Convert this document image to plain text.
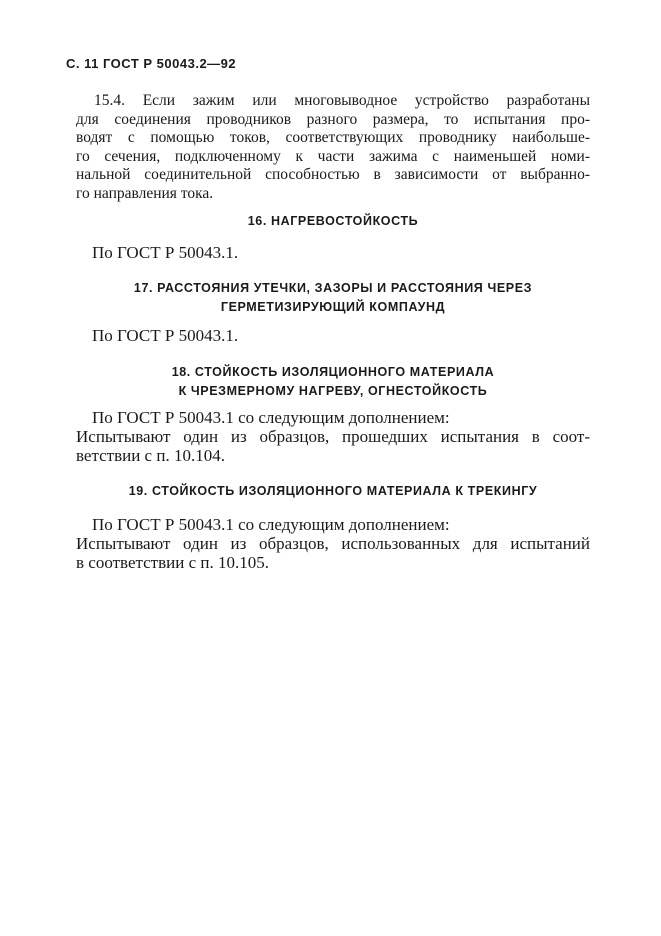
С. 11 ГОСТ Р 50043.2—92
15.4. Если зажим или многовыводное устройство разработаны
для соединения проводников разного размера, то испытания про-
водят с помощью токов, соответствующих проводнику наибольше-
го сечения, подключенному к части зажима с наименьшей номи-
нальной соединительной способностью в зависимости от выбранно-
го направления тока.
16. НАГРЕВОСТОЙКОСТЬ
По ГОСТ Р 50043.1.
17. РАССТОЯНИЯ УТЕЧКИ, ЗАЗОРЫ И РАССТОЯНИЯ ЧЕРЕЗ
ГЕРМЕТИЗИРУЮЩИЙ КОМПАУНД
По ГОСТ Р 50043.1.
18. СТОЙКОСТЬ ИЗОЛЯЦИОННОГО МАТЕРИАЛА
К ЧРЕЗМЕРНОМУ НАГРЕВУ, ОГНЕСТОЙКОСТЬ
По ГОСТ Р 50043.1 со следующим дополнением:
Испытывают один из образцов, прошедших испытания в соот-
ветствии с п. 10.104.
19. СТОЙКОСТЬ ИЗОЛЯЦИОННОГО МАТЕРИАЛА К ТРЕКИНГУ
По ГОСТ Р 50043.1 со следующим дополнением:
Испытывают один из образцов, использованных для испытаний
в соответствии с п. 10.105.
